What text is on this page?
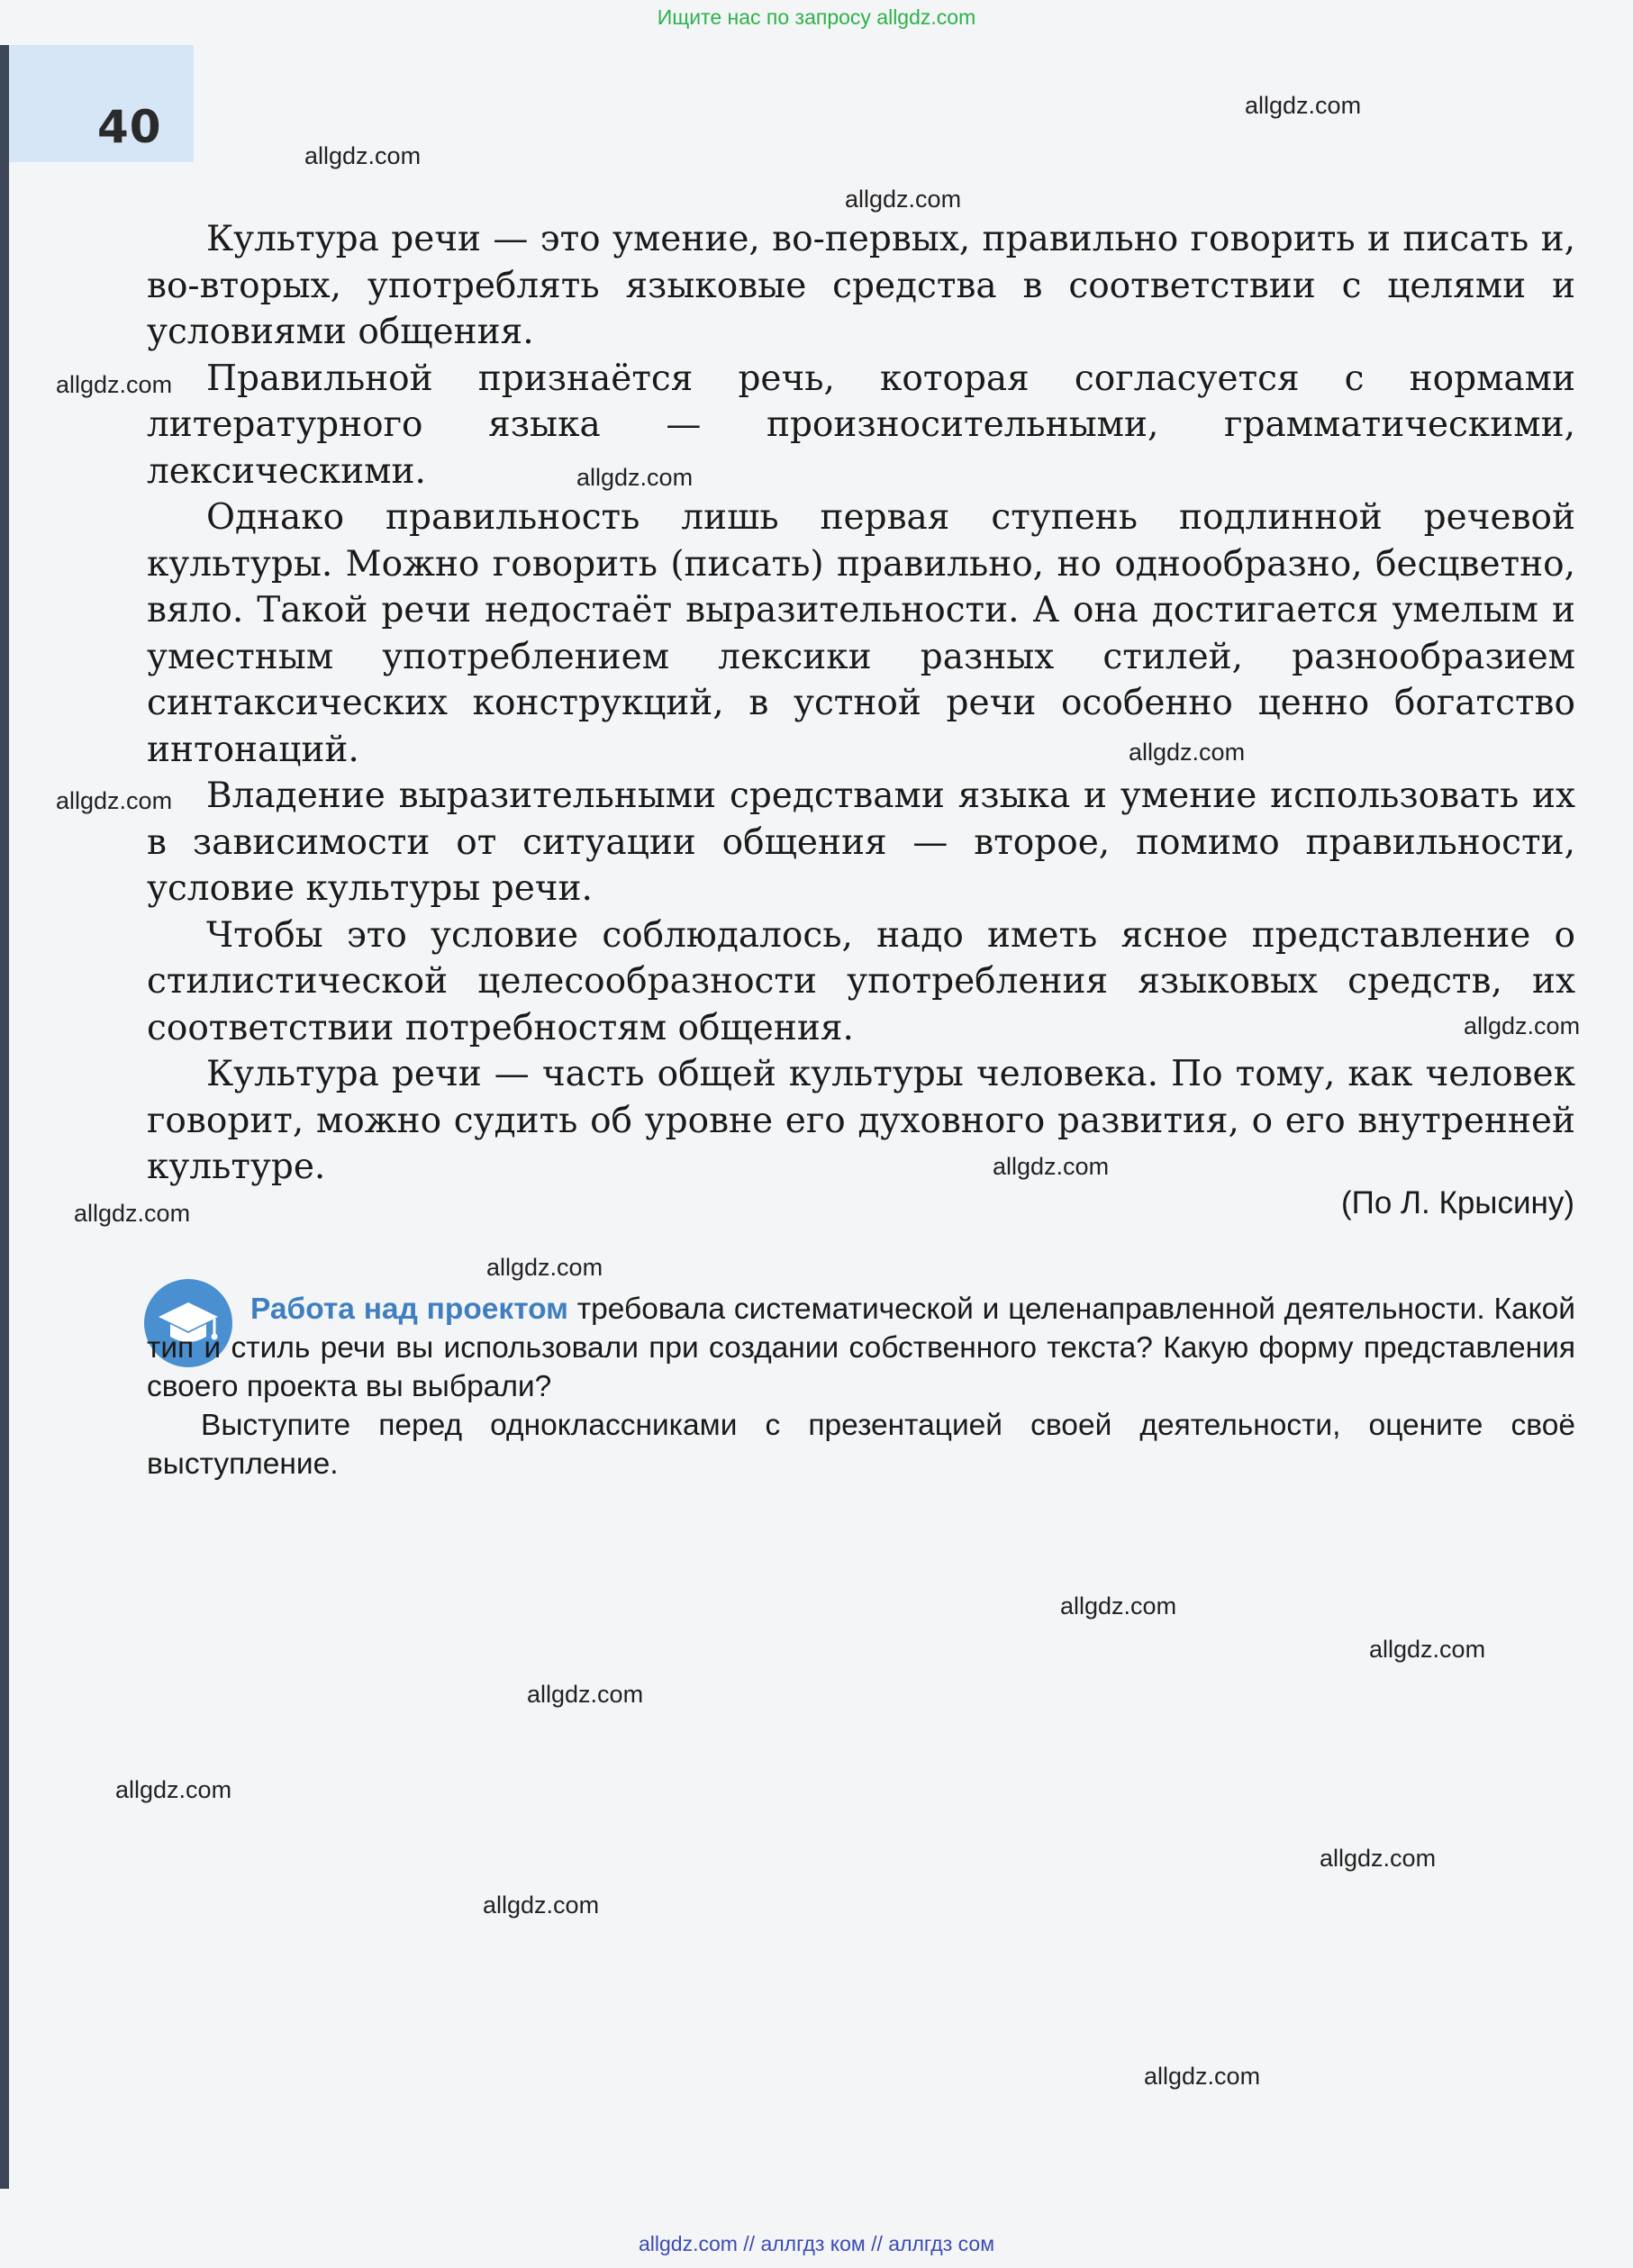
Ищите нас по запросу allgdz.com
40

Культура речи — это умение, во-первых, правильно говорить и писать и, во-вторых, употреблять языковые средства в соответствии с целями и условиями общения.

Правильной признаётся речь, которая согласуется с нормами литературного языка — произносительными, грамматическими, лексическими.

Однако правильность лишь первая ступень подлинной речевой культуры. Можно говорить (писать) правильно, но однообразно, бесцветно, вяло. Такой речи недостаёт выразительности. А она достигается умелым и уместным употреблением лексики разных стилей, разнообразием синтаксических конструкций, в устной речи особенно ценно богатство интонаций.

Владение выразительными средствами языка и умение использовать их в зависимости от ситуации общения — второе, помимо правильности, условие культуры речи.

Чтобы это условие соблюдалось, надо иметь ясное представление о стилистической целесообразности употребления языковых средств, их соответствии потребностям общения.

Культура речи — часть общей культуры человека. По тому, как человек говорит, можно судить об уровне его духовного развития, о его внутренней культуре.

(По Л. Крысину)

Работа над проектом требовала систематической и целенаправленной деятельности. Какой тип и стиль речи вы использовали при создании собственного текста? Какую форму представления своего проекта вы выбрали?

Выступите перед одноклассниками с презентацией своей деятельности, оцените своё выступление.

allgdz.com
allgdz.com
allgdz.com
allgdz.com
allgdz.com
allgdz.com
allgdz.com
allgdz.com
allgdz.com
allgdz.com
allgdz.com
allgdz.com
allgdz.com
allgdz.com
allgdz.com
allgdz.com
allgdz.com
allgdz.com
allgdz.com // аллгдз ком // аллгдз сом
